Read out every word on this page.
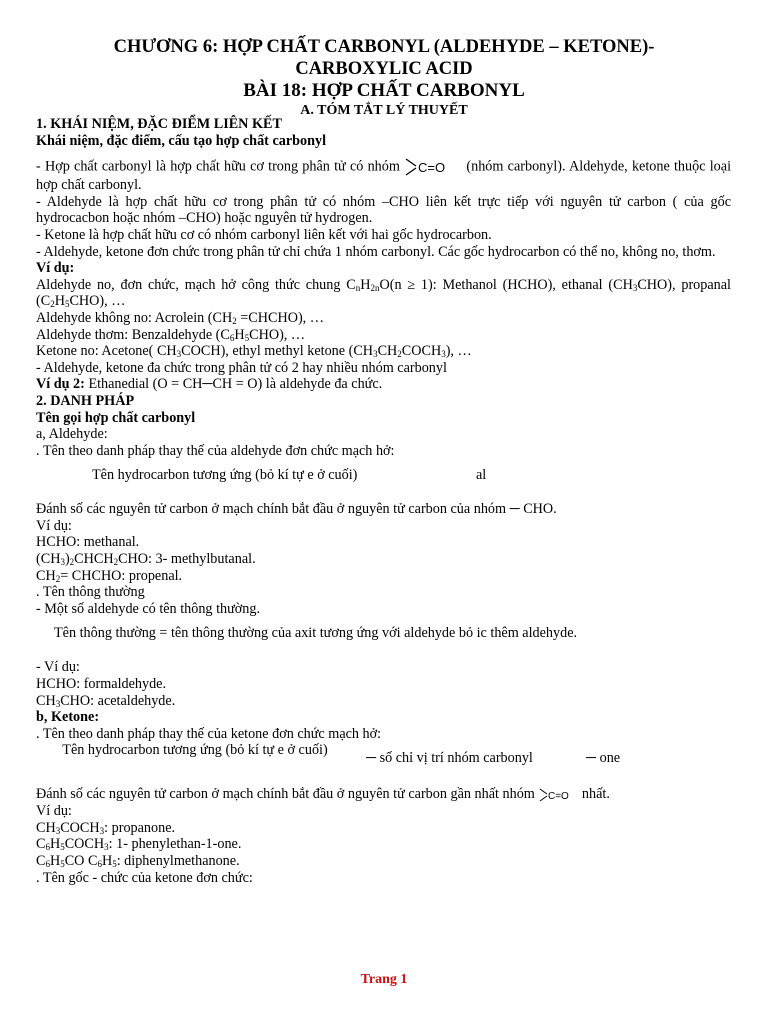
CHƯƠNG 6: HỢP CHẤT CARBONYL (ALDEHYDE – KETONE)-
CARBOXYLIC ACID
BÀI 18: HỢP CHẤT CARBONYL
A. TÓM TẮT LÝ THUYẾT
1. KHÁI NIỆM, ĐẶC ĐIỂM LIÊN KẾT
Khái niệm, đặc điểm, cấu tạo hợp chất carbonyl
- Hợp chất carbonyl là hợp chất hữu cơ trong phân tử có nhóm C=O (nhóm carbonyl). Aldehyde, ketone thuộc loại hợp chất carbonyl.
- Aldehyde là hợp chất hữu cơ trong phân tử có nhóm –CHO liên kết trực tiếp với nguyên tử carbon ( của gốc hydrocacbon hoặc nhóm –CHO) hoặc nguyên tử hydrogen.
- Ketone là hợp chất hữu cơ có nhóm carbonyl liên kết với hai gốc hydrocarbon.
- Aldehyde, ketone đơn chức trong phân tử chỉ chứa 1 nhóm carbonyl. Các gốc hydrocarbon có thể no, không no, thơm.
Ví dụ:
Aldehyde no, đơn chức, mạch hở công thức chung $C_nH_{2n}O(n \ge 1)$: Methanol (HCHO), ethanal $(CH_3CHO)$, propanal $(C_2H_5CHO)$, …
Aldehyde không no: Acrolein ($CH_2$ =CHCHO), …
Aldehyde thơm: Benzaldehyde $(C_6H_5CHO)$, …
Ketone no: Acetone( $CH_3COCH$), ethyl methyl ketone $(CH_3CH_2COCH_3)$, …
- Aldehyde, ketone đa chức trong phân tử có 2 hay nhiều nhóm carbonyl
Ví dụ 2: Ethanedial (O = CH─CH = O) là aldehyde đa chức.
2. DANH PHÁP
Tên gọi hợp chất carbonyl
a, Aldehyde:
. Tên theo danh pháp thay thế của aldehyde đơn chức mạch hở:
Tên hydrocarbon tương ứng (bỏ kí tự e ở cuối)	al
Đánh số các nguyên tử carbon ở mạch chính bắt đầu ở nguyên tử carbon của nhóm ─ CHO.
Ví dụ:
HCHO: methanal.
$(CH_3)_2CHCH_2CHO$: 3- methylbutanal.
$CH_2=$ CHCHO: propenal.
. Tên thông thường
- Một số aldehyde có tên thông thường.
Tên thông thường = tên thông thường của axit tương ứng với aldehyde bỏ ic thêm aldehyde.
- Ví dụ:
HCHO: formaldehyde.
$CH_3CHO$: acetaldehyde.
b, Ketone:
. Tên theo danh pháp thay thế của ketone đơn chức mạch hở:
Tên hydrocarbon tương ứng (bỏ kí tự e ở cuối)	─ số chỉ vị trí nhóm carbonyl	─ one
Đánh số các nguyên tử carbon ở mạch chính bắt đầu ở nguyên tử carbon gần nhất nhóm C=O nhất.
Ví dụ:
$CH_3COCH_3$: propanone.
$C_6H_5COCH_3$: 1- phenylethan-1-one.
$C_6H_5CO$ $C_6H_5$: diphenylmethanone.
. Tên gốc - chức của ketone đơn chức:
Trang 1
